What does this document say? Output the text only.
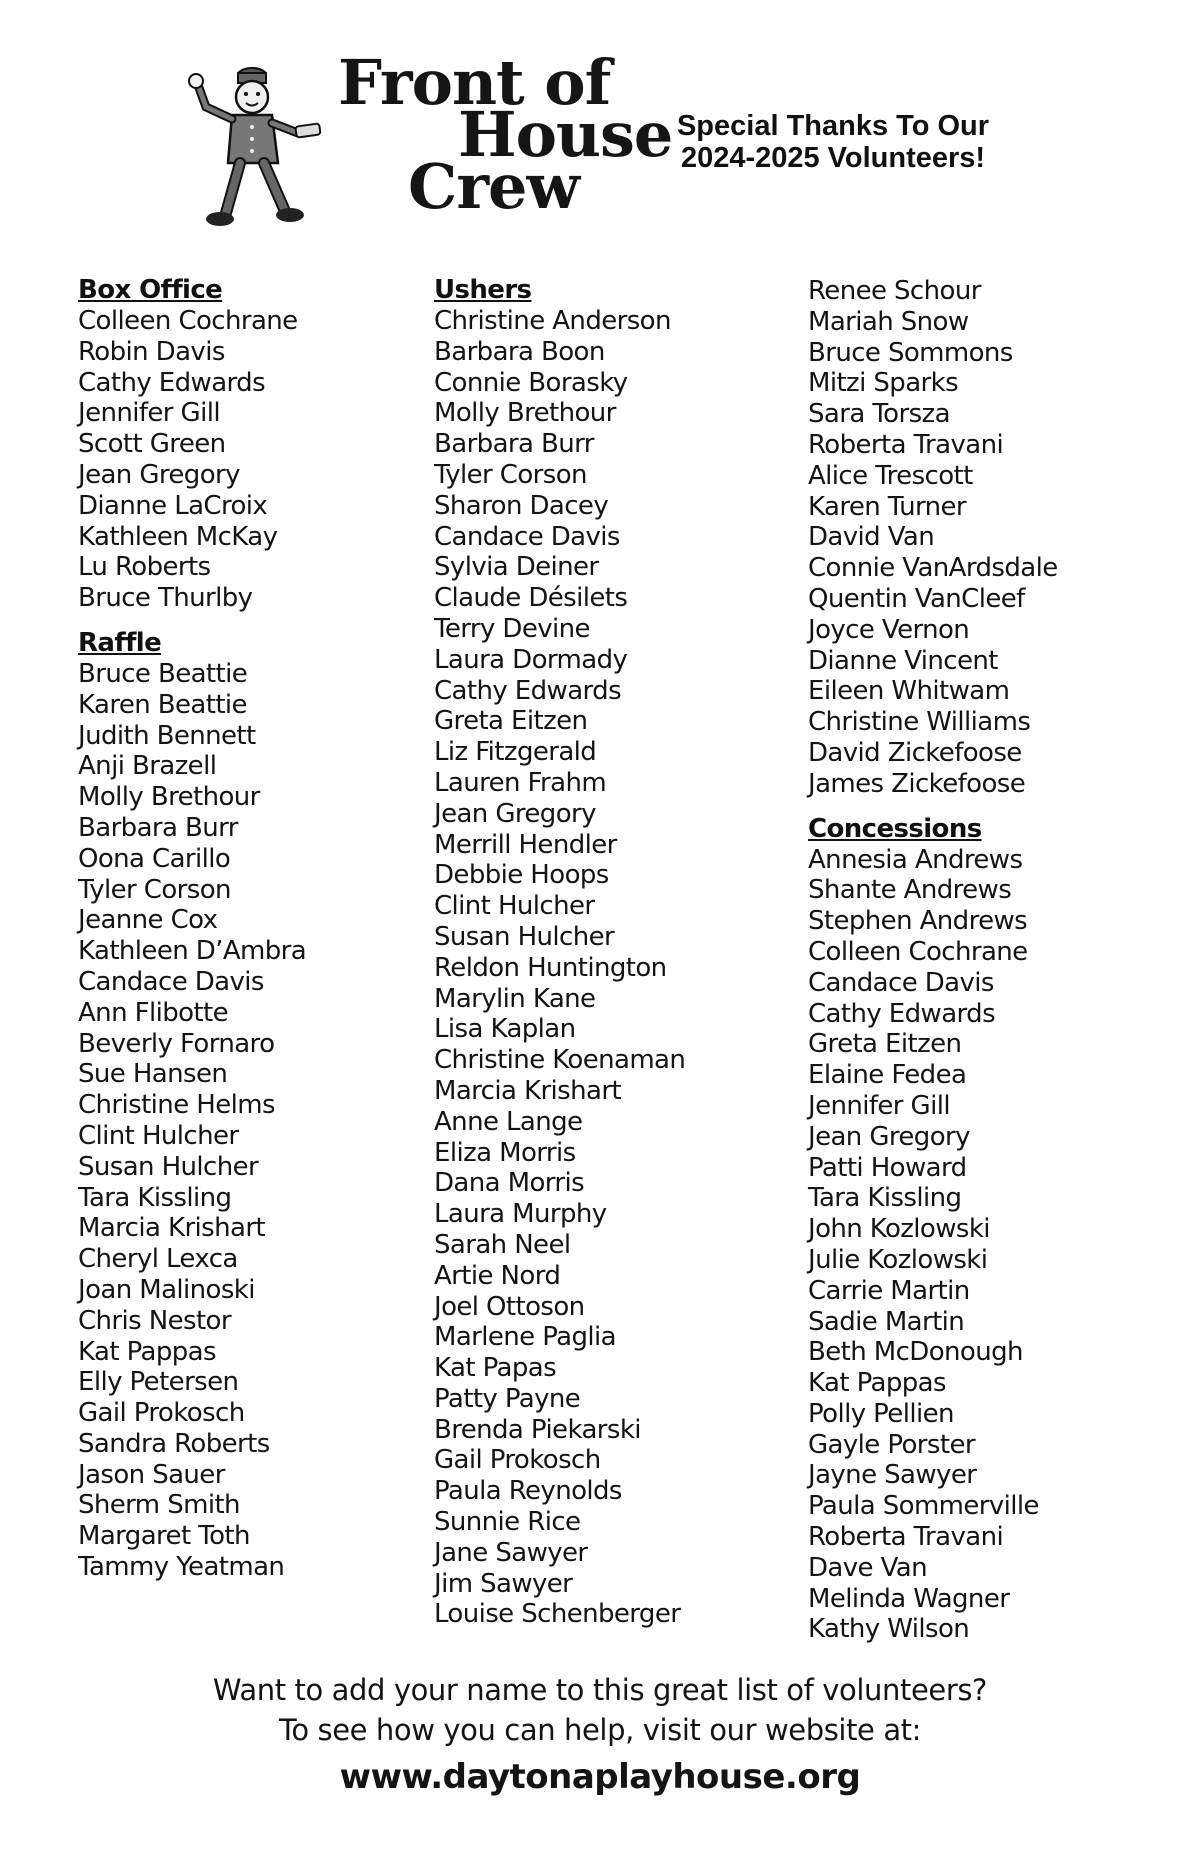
Front of
House
Crew
Special Thanks To Our
2024-2025 Volunteers!
Box Office
Colleen Cochrane
Robin Davis
Cathy Edwards
Jennifer Gill
Scott Green
Jean Gregory
Dianne LaCroix
Kathleen McKay
Lu Roberts
Bruce Thurlby
Raffle
Bruce Beattie
Karen Beattie
Judith Bennett
Anji Brazell
Molly Brethour
Barbara Burr
Oona Carillo
Tyler Corson
Jeanne Cox
Kathleen D’Ambra
Candace Davis
Ann Flibotte
Beverly Fornaro
Sue Hansen
Christine Helms
Clint Hulcher
Susan Hulcher
Tara Kissling
Marcia Krishart
Cheryl Lexca
Joan Malinoski
Chris Nestor
Kat Pappas
Elly Petersen
Gail Prokosch
Sandra Roberts
Jason Sauer
Sherm Smith
Margaret Toth
Tammy Yeatman
Ushers
Christine Anderson
Barbara Boon
Connie Borasky
Molly Brethour
Barbara Burr
Tyler Corson
Sharon Dacey
Candace Davis
Sylvia Deiner
Claude Désilets
Terry Devine
Laura Dormady
Cathy Edwards
Greta Eitzen
Liz Fitzgerald
Lauren Frahm
Jean Gregory
Merrill Hendler
Debbie Hoops
Clint Hulcher
Susan Hulcher
Reldon Huntington
Marylin Kane
Lisa Kaplan
Christine Koenaman
Marcia Krishart
Anne Lange
Eliza Morris
Dana Morris
Laura Murphy
Sarah Neel
Artie Nord
Joel Ottoson
Marlene Paglia
Kat Papas
Patty Payne
Brenda Piekarski
Gail Prokosch
Paula Reynolds
Sunnie Rice
Jane Sawyer
Jim Sawyer
Louise Schenberger
Renee Schour
Mariah Snow
Bruce Sommons
Mitzi Sparks
Sara Torsza
Roberta Travani
Alice Trescott
Karen Turner
David Van
Connie VanArdsdale
Quentin VanCleef
Joyce Vernon
Dianne Vincent
Eileen Whitwam
Christine Williams
David Zickefoose
James Zickefoose
Concessions
Annesia Andrews
Shante Andrews
Stephen Andrews
Colleen Cochrane
Candace Davis
Cathy Edwards
Greta Eitzen
Elaine Fedea
Jennifer Gill
Jean Gregory
Patti Howard
Tara Kissling
John Kozlowski
Julie Kozlowski
Carrie Martin
Sadie Martin
Beth McDonough
Kat Pappas
Polly Pellien
Gayle Porster
Jayne Sawyer
Paula Sommerville
Roberta Travani
Dave Van
Melinda Wagner
Kathy Wilson
Want to add your name to this great list of volunteers?
To see how you can help, visit our website at:
www.daytonaplayhouse.org
